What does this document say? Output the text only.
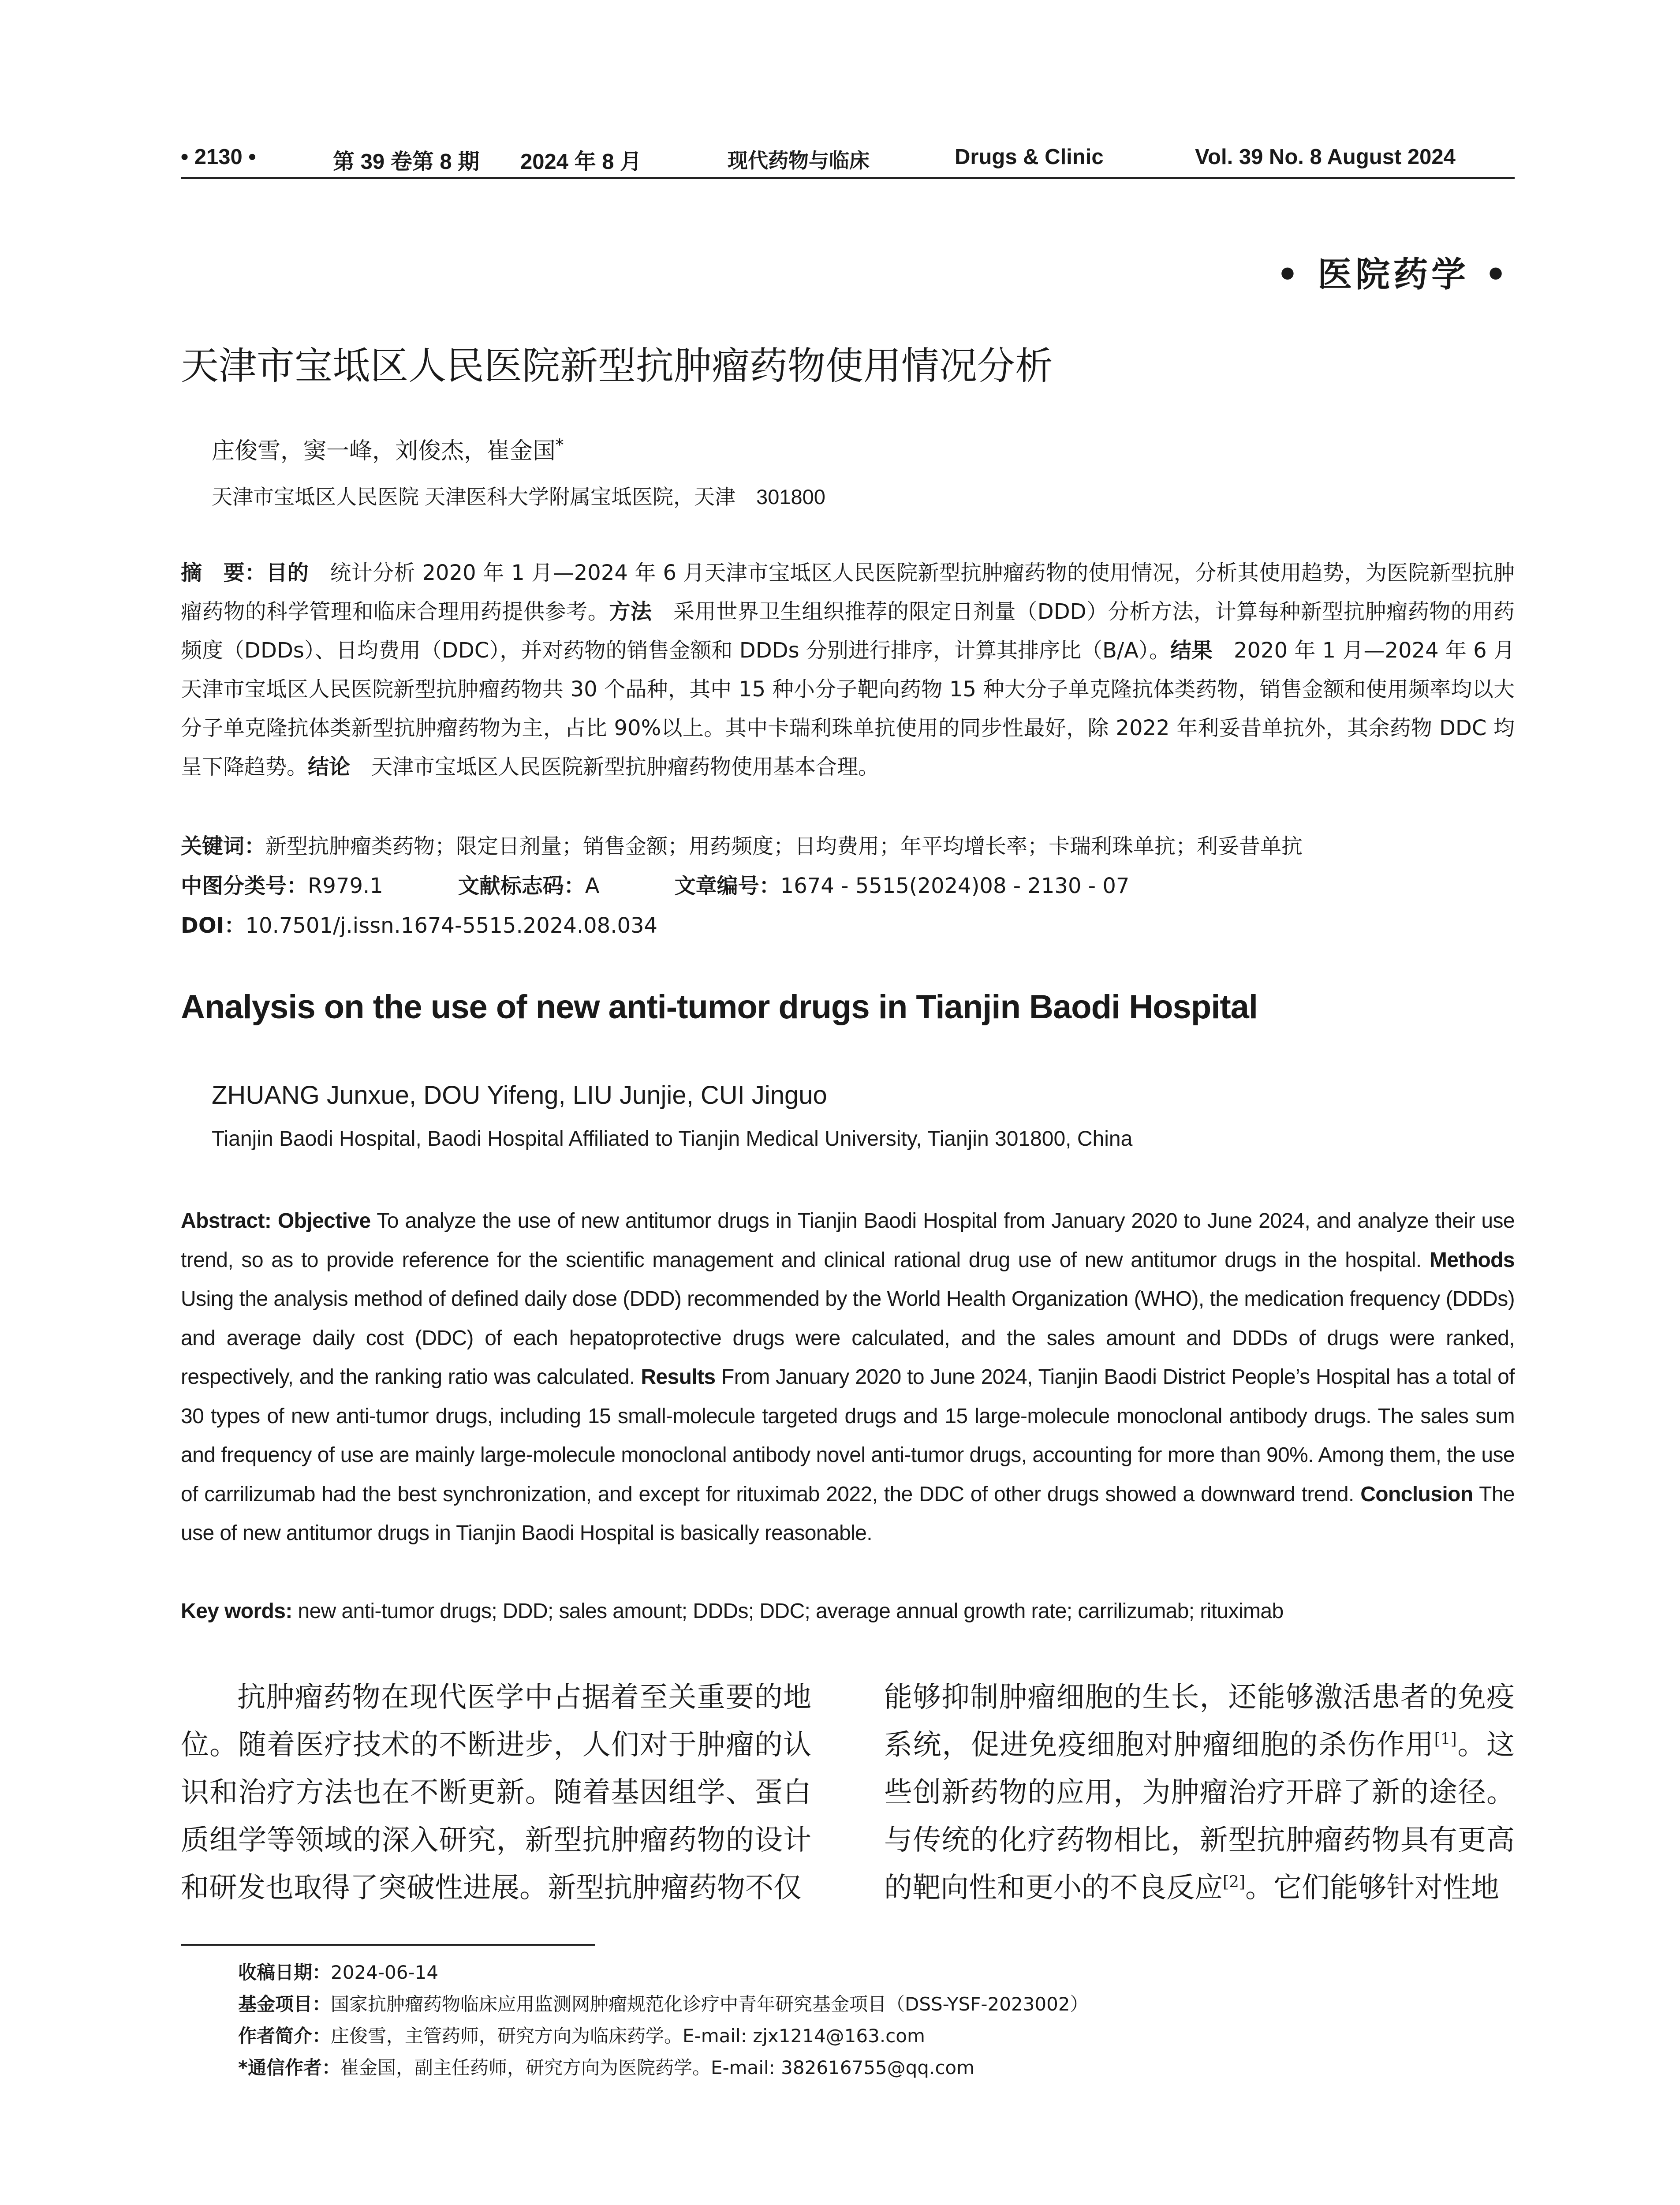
• 2130 •	第 39 卷第 8 期 2024 年 8 月	现代药物与临床	Drugs & Clinic	Vol. 39 No. 8 August 2024
• 医院药学 •
天津市宝坻区人民医院新型抗肿瘤药物使用情况分析
庄俊雪，窦一峰，刘俊杰，崔金国*
天津市宝坻区人民医院 天津医科大学附属宝坻医院，天津　301800
摘　要：目的　统计分析 2020 年 1 月—2024 年 6 月天津市宝坻区人民医院新型抗肿瘤药物的使用情况，分析其使用趋势，为医院新型抗肿瘤药物的科学管理和临床合理用药提供参考。方法　采用世界卫生组织推荐的限定日剂量（DDD）分析方法，计算每种新型抗肿瘤药物的用药频度（DDDs）、日均费用（DDC），并对药物的销售金额和 DDDs 分别进行排序，计算其排序比（B/A）。结果　2020 年 1 月—2024 年 6 月天津市宝坻区人民医院新型抗肿瘤药物共 30 个品种，其中 15 种小分子靶向药物 15 种大分子单克隆抗体类药物，销售金额和使用频率均以大分子单克隆抗体类新型抗肿瘤药物为主，占比 90%以上。其中卡瑞利珠单抗使用的同步性最好，除 2022 年利妥昔单抗外，其余药物 DDC 均呈下降趋势。结论　天津市宝坻区人民医院新型抗肿瘤药物使用基本合理。
关键词：新型抗肿瘤类药物；限定日剂量；销售金额；用药频度；日均费用；年平均增长率；卡瑞利珠单抗；利妥昔单抗
中图分类号：R979.1	文献标志码：A	文章编号：1674 - 5515(2024)08 - 2130 - 07
DOI：10.7501/j.issn.1674-5515.2024.08.034
Analysis on the use of new anti-tumor drugs in Tianjin Baodi Hospital
ZHUANG Junxue, DOU Yifeng, LIU Junjie, CUI Jinguo
Tianjin Baodi Hospital, Baodi Hospital Affiliated to Tianjin Medical University, Tianjin 301800, China
Abstract: Objective To analyze the use of new antitumor drugs in Tianjin Baodi Hospital from January 2020 to June 2024, and analyze their use trend, so as to provide reference for the scientific management and clinical rational drug use of new antitumor drugs in the hospital. Methods Using the analysis method of defined daily dose (DDD) recommended by the World Health Organization (WHO), the medication frequency (DDDs) and average daily cost (DDC) of each hepatoprotective drugs were calculated, and the sales amount and DDDs of drugs were ranked, respectively, and the ranking ratio was calculated. Results From January 2020 to June 2024, Tianjin Baodi District People’s Hospital has a total of 30 types of new anti-tumor drugs, including 15 small-molecule targeted drugs and 15 large-molecule monoclonal antibody drugs. The sales sum and frequency of use are mainly large-molecule monoclonal antibody novel anti-tumor drugs, accounting for more than 90%. Among them, the use of carrilizumab had the best synchronization, and except for rituximab 2022, the DDC of other drugs showed a downward trend. Conclusion The use of new antitumor drugs in Tianjin Baodi Hospital is basically reasonable.
Key words: new anti-tumor drugs; DDD; sales amount; DDDs; DDC; average annual growth rate; carrilizumab; rituximab
抗肿瘤药物在现代医学中占据着至关重要的地位。随着医疗技术的不断进步，人们对于肿瘤的认识和治疗方法也在不断更新。随着基因组学、蛋白质组学等领域的深入研究，新型抗肿瘤药物的设计和研发也取得了突破性进展。新型抗肿瘤药物不仅
能够抑制肿瘤细胞的生长，还能够激活患者的免疫系统，促进免疫细胞对肿瘤细胞的杀伤作用[1]。这些创新药物的应用，为肿瘤治疗开辟了新的途径。与传统的化疗药物相比，新型抗肿瘤药物具有更高的靶向性和更小的不良反应[2]。它们能够针对性地
收稿日期：2024-06-14
基金项目：国家抗肿瘤药物临床应用监测网肿瘤规范化诊疗中青年研究基金项目（DSS-YSF-2023002）
作者简介：庄俊雪，主管药师，研究方向为临床药学。E-mail: zjx1214@163.com
*通信作者：崔金国，副主任药师，研究方向为医院药学。E-mail: 382616755@qq.com
